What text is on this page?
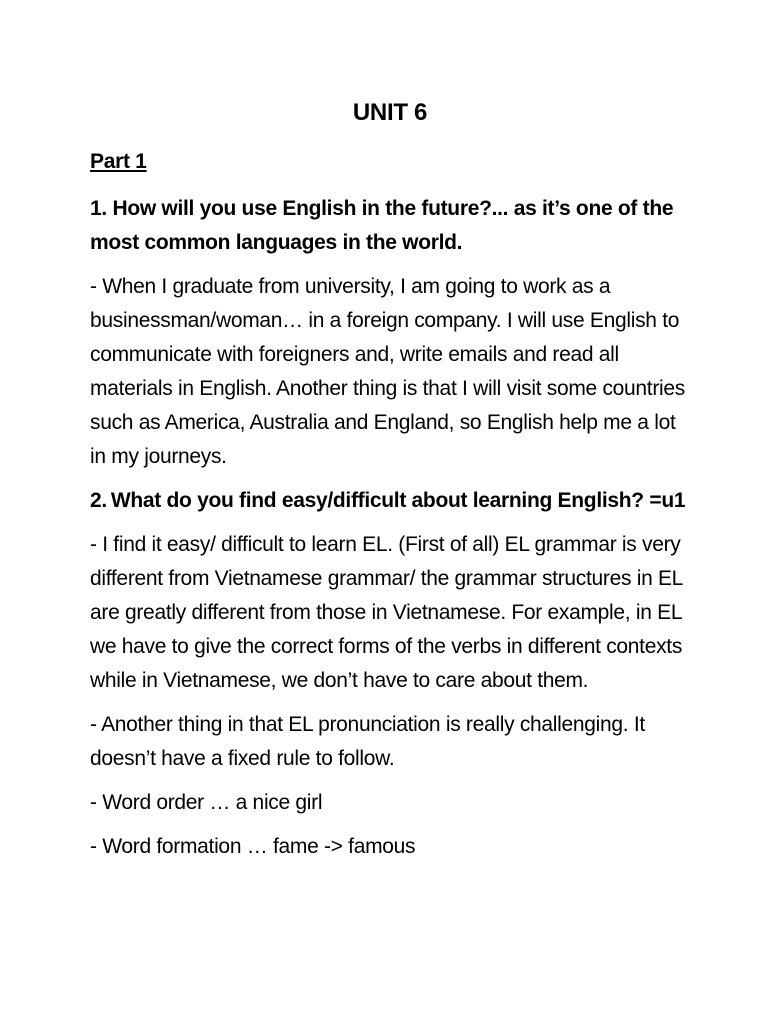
UNIT 6
Part 1
1. How will you use English in the future?... as it’s one of the most common languages in the world.
- When I graduate from university, I am going to work as a businessman/woman… in a foreign company. I will use English to communicate with foreigners and, write emails and read all materials in English. Another thing is that I will visit some countries such as America, Australia and England, so English help me a lot in my journeys.
2. What do you find easy/difficult about learning English? =u1
- I find it easy/ difficult to learn EL. (First of all) EL grammar is very different from Vietnamese grammar/ the grammar structures in EL are greatly different from those in Vietnamese. For example, in EL we have to give the correct forms of the verbs in different contexts while in Vietnamese, we don’t have to care about them.
- Another thing in that EL pronunciation is really challenging. It doesn’t have a fixed rule to follow.
- Word order … a nice girl
- Word formation … fame -> famous
